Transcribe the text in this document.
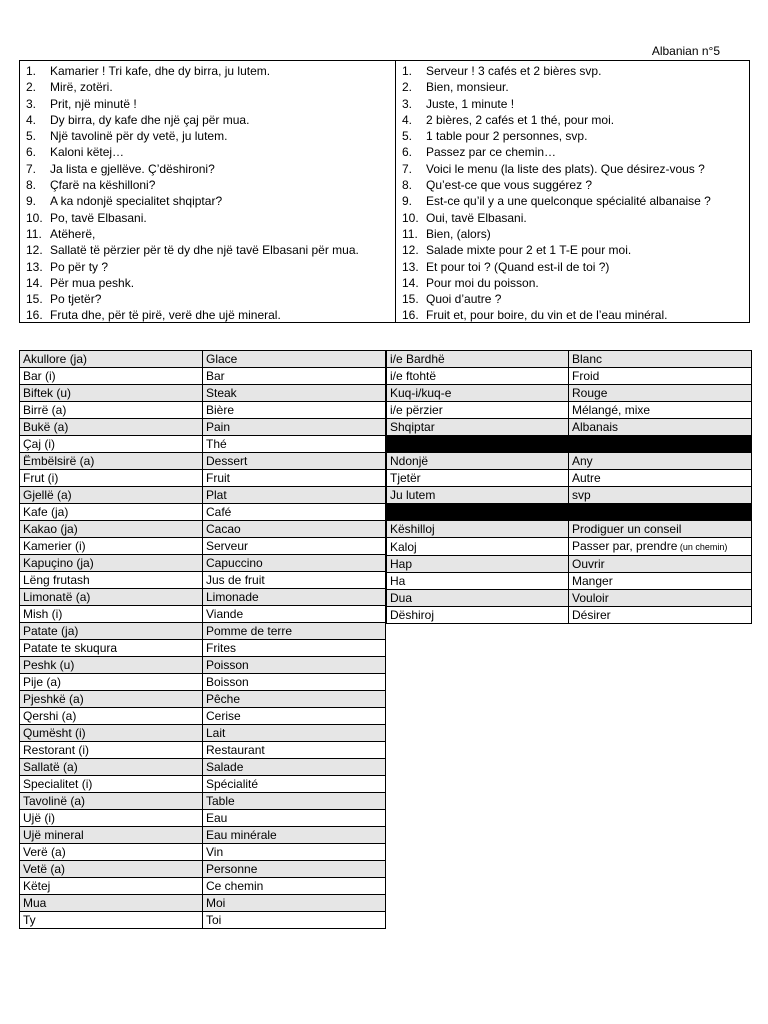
Albanian n°5
1. Kamarier ! Tri kafe, dhe dy birra, ju lutem.
2. Mirë, zotëri.
3. Prit, një minutë !
4. Dy birra, dy kafe dhe një çaj për mua.
5. Një tavolinë për dy vetë, ju lutem.
6. Kaloni këtej…
7. Ja lista e gjellëve. Ç’dëshironi?
8. Çfarë na këshilloni?
9. A ka ndonjë specialitet shqiptar?
10. Po, tavë Elbasani.
11. Atëherë,
12. Sallatë të përzier për të dy dhe një tavë Elbasani për mua.
13. Po për ty ?
14. Për mua peshk.
15. Po tjetër?
16. Fruta dhe, për të pirë, verë dhe ujë mineral.
1. Serveur ! 3 cafés et 2 bières svp.
2. Bien, monsieur.
3. Juste, 1 minute !
4. 2 bières, 2 cafés et 1 thé, pour moi.
5. 1 table pour 2 personnes, svp.
6. Passez par ce chemin…
7. Voici le menu (la liste des plats). Que désirez-vous ?
8. Qu’est-ce que vous suggérez ?
9. Est-ce qu’il y a une quelconque spécialité albanaise ?
10. Oui, tavë Elbasani.
11. Bien, (alors)
12. Salade mixte pour 2 et 1 T-E pour moi.
13. Et pour toi ? (Quand est-il de toi ?)
14. Pour moi du poisson.
15. Quoi d’autre ?
16. Fruit et, pour boire, du vin et de l’eau minéral.
Akullore (ja)	Glace
Bar (i)	Bar
Biftek (u)	Steak
Birrë (a)	Bière
Bukë (a)	Pain
Çaj (i)	Thé
Ëmbëlsirë (a)	Dessert
Frut (i)	Fruit
Gjellë (a)	Plat
Kafe (ja)	Café
Kakao (ja)	Cacao
Kamerier (i)	Serveur
Kapuçino (ja)	Capuccino
Lëng frutash	Jus de fruit
Limonatë (a)	Limonade
Mish (i)	Viande
Patate (ja)	Pomme de terre
Patate te skuqura	Frites
Peshk (u)	Poisson
Pije (a)	Boisson
Pjeshkë (a)	Pêche
Qershi (a)	Cerise
Qumësht (i)	Lait
Restorant (i)	Restaurant
Sallatë (a)	Salade
Specialitet (i)	Spécialité
Tavolinë (a)	Table
Ujë (i)	Eau
Ujë mineral	Eau minérale
Verë (a)	Vin
Vetë (a)	Personne
Këtej	Ce chemin
Mua	Moi
Ty	Toi
i/e Bardhë	Blanc
i/e ftohtë	Froid
Kuq-i/kuq-e	Rouge
i/e përzier	Mélangé, mixe
Shqiptar	Albanais

Ndonjë	Any
Tjetër	Autre
Ju lutem	svp

Këshilloj	Prodiguer un conseil
Kaloj	Passer par, prendre (un chemin)
Hap	Ouvrir
Ha	Manger
Dua	Vouloir
Dëshiroj	Désirer
